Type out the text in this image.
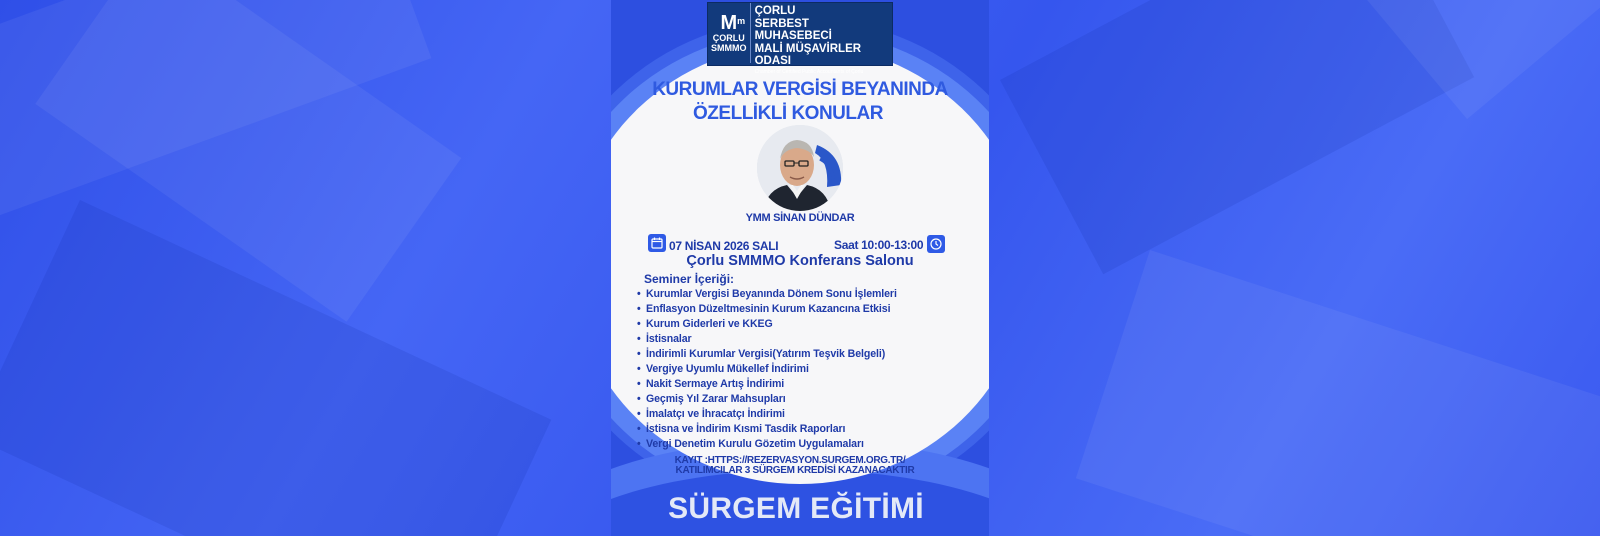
M m
ÇORLU
SMMMO
ÇORLU
SERBEST MUHASEBECİ
MALİ MÜŞAVİRLER
ODASI
Chamber of Certified Public Accountants of Çorlu
KURUMLAR VERGİSİ BEYANINDA
ÖZELLİKLİ KONULAR
YMM SİNAN DÜNDAR
07 NİSAN 2026 SALI	Saat 10:00-13:00
Çorlu SMMMO Konferans Salonu
Seminer İçeriği:
• Kurumlar Vergisi Beyanında Dönem Sonu İşlemleri
• Enflasyon Düzeltmesinin Kurum Kazancına Etkisi
• Kurum Giderleri ve KKEG
• İstisnalar
• İndirimli Kurumlar Vergisi(Yatırım Teşvik Belgeli)
• Vergiye Uyumlu Mükellef İndirimi
• Nakit Sermaye Artış İndirimi
• Geçmiş Yıl Zarar Mahsupları
• İmalatçı ve İhracatçı İndirimi
• İstisna ve İndirim Kısmi Tasdik Raporları
• Vergi Denetim Kurulu Gözetim Uygulamaları
KAYIT :HTTPS://REZERVASYON.SURGEM.ORG.TR/
KATILIMCILAR 3 SÜRGEM KREDİSİ KAZANACAKTIR
SÜRGEM EĞİTİMİ
